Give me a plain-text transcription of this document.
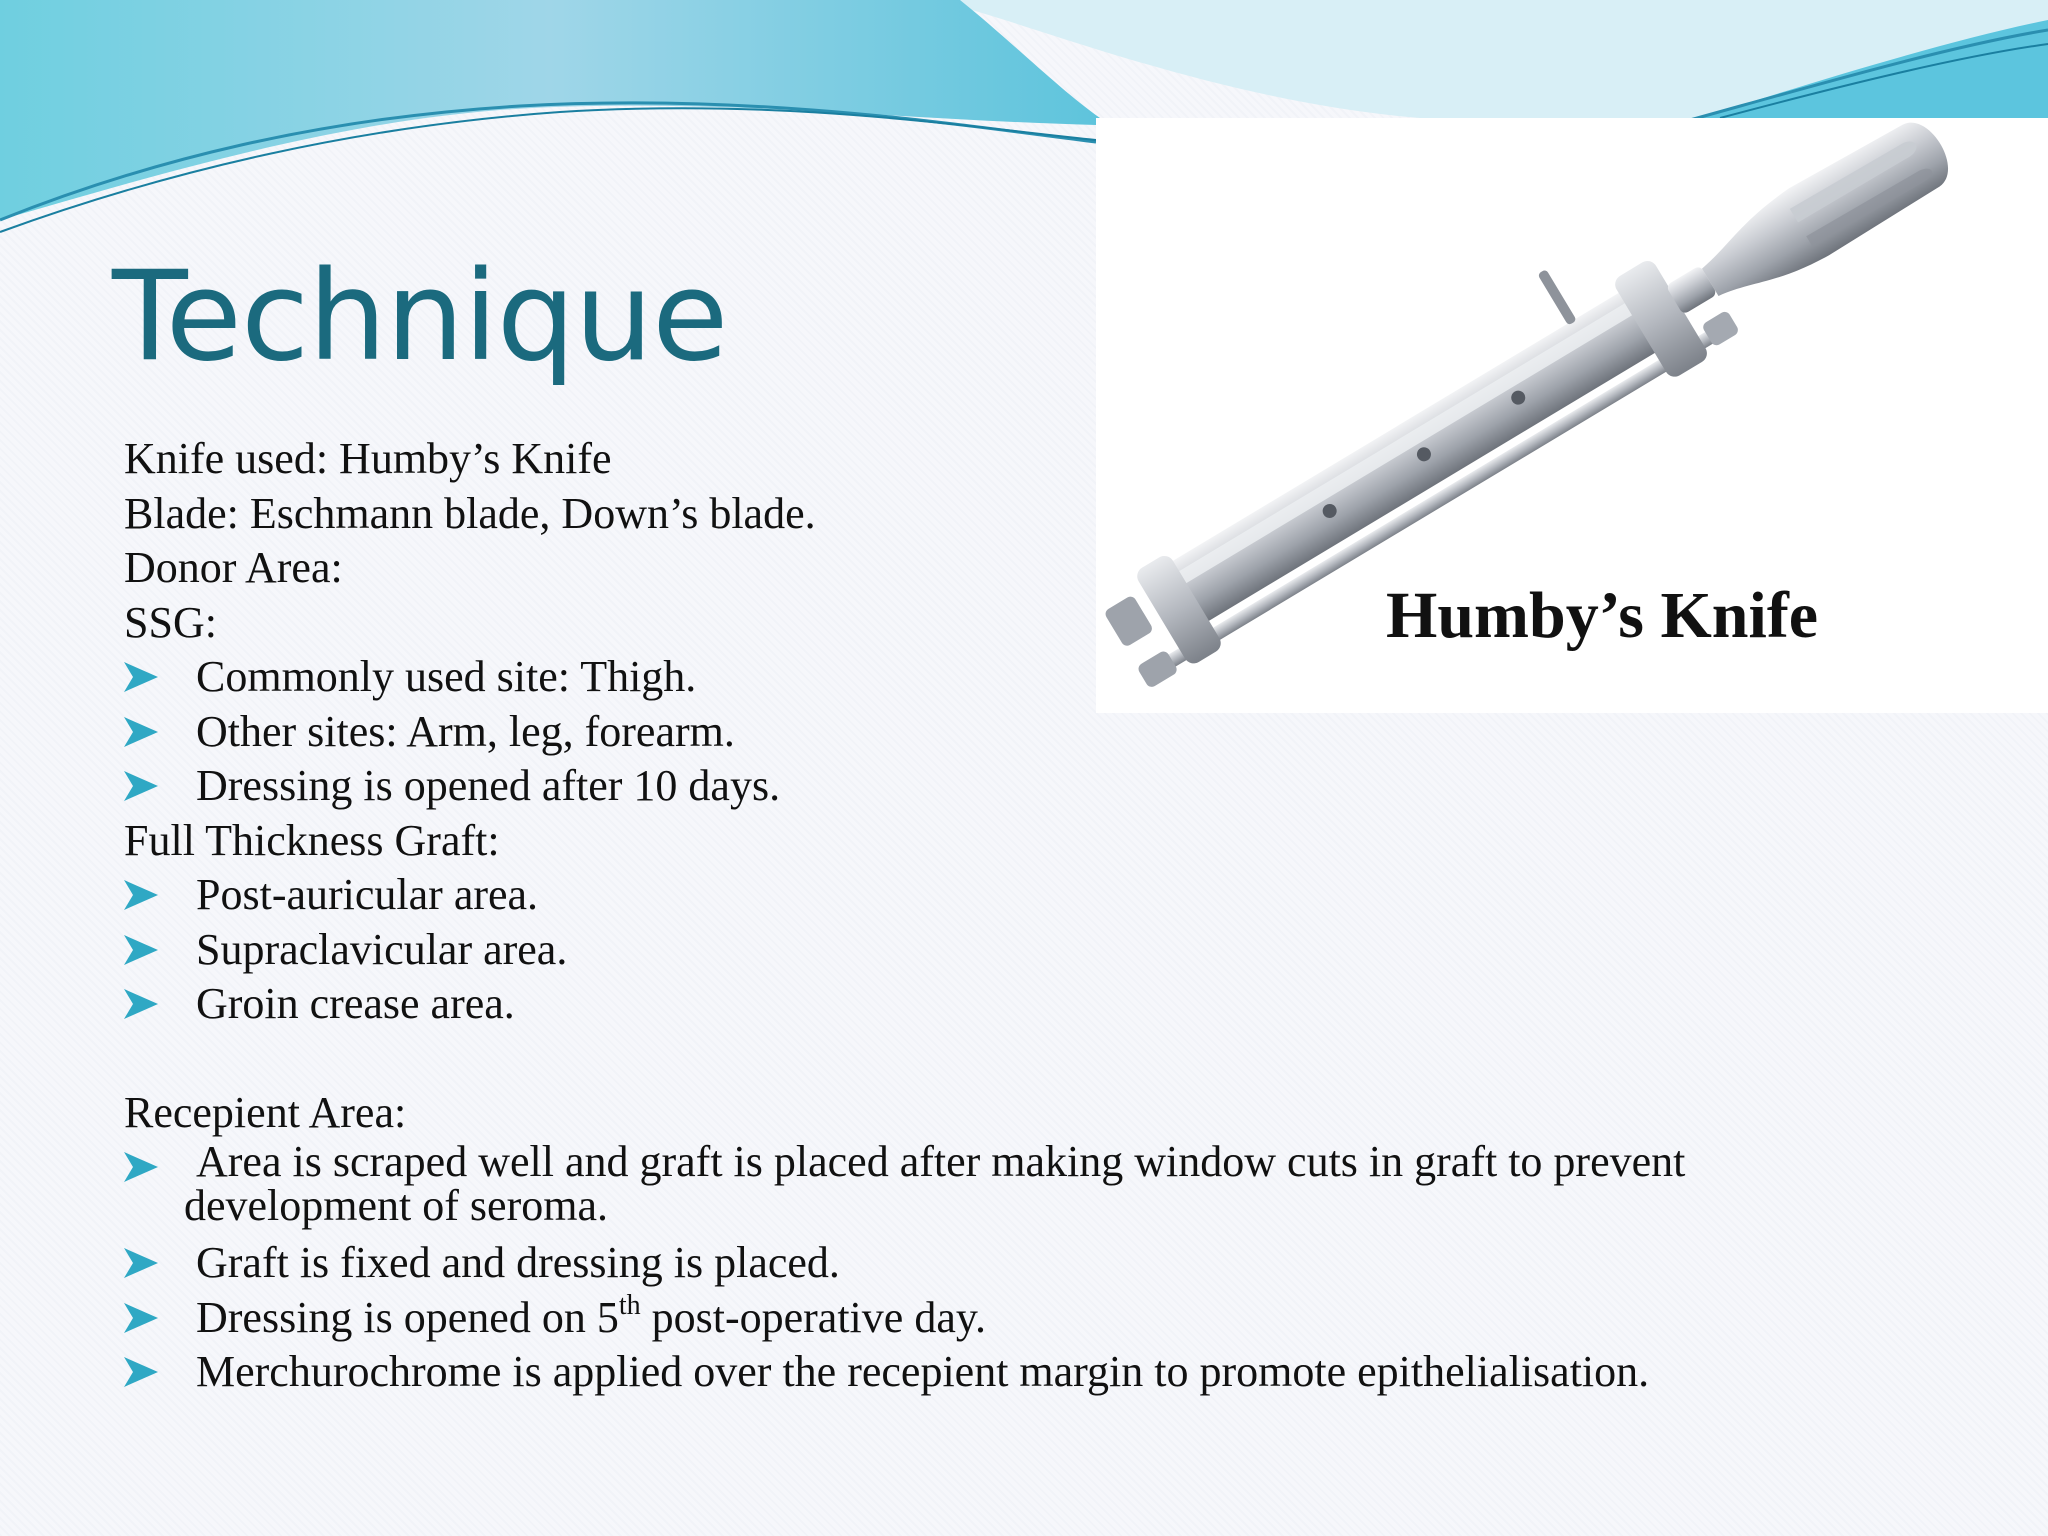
Technique
Humby’s Knife
Knife used: Humby’s Knife
Blade: Eschmann blade, Down’s blade.
Donor Area:
SSG:
Commonly used site: Thigh.
Other sites: Arm, leg, forearm.
Dressing is opened after 10 days.
Full Thickness Graft:
Post-auricular area.
Supraclavicular area.
Groin crease area.
Recepient Area:
Area is scraped well and graft is placed after making window cuts in graft to prevent
development of seroma.
Graft is fixed and dressing is placed.
Dressing is opened on 5th post-operative day.
Merchurochrome is applied over the recepient margin to promote epithelialisation.
